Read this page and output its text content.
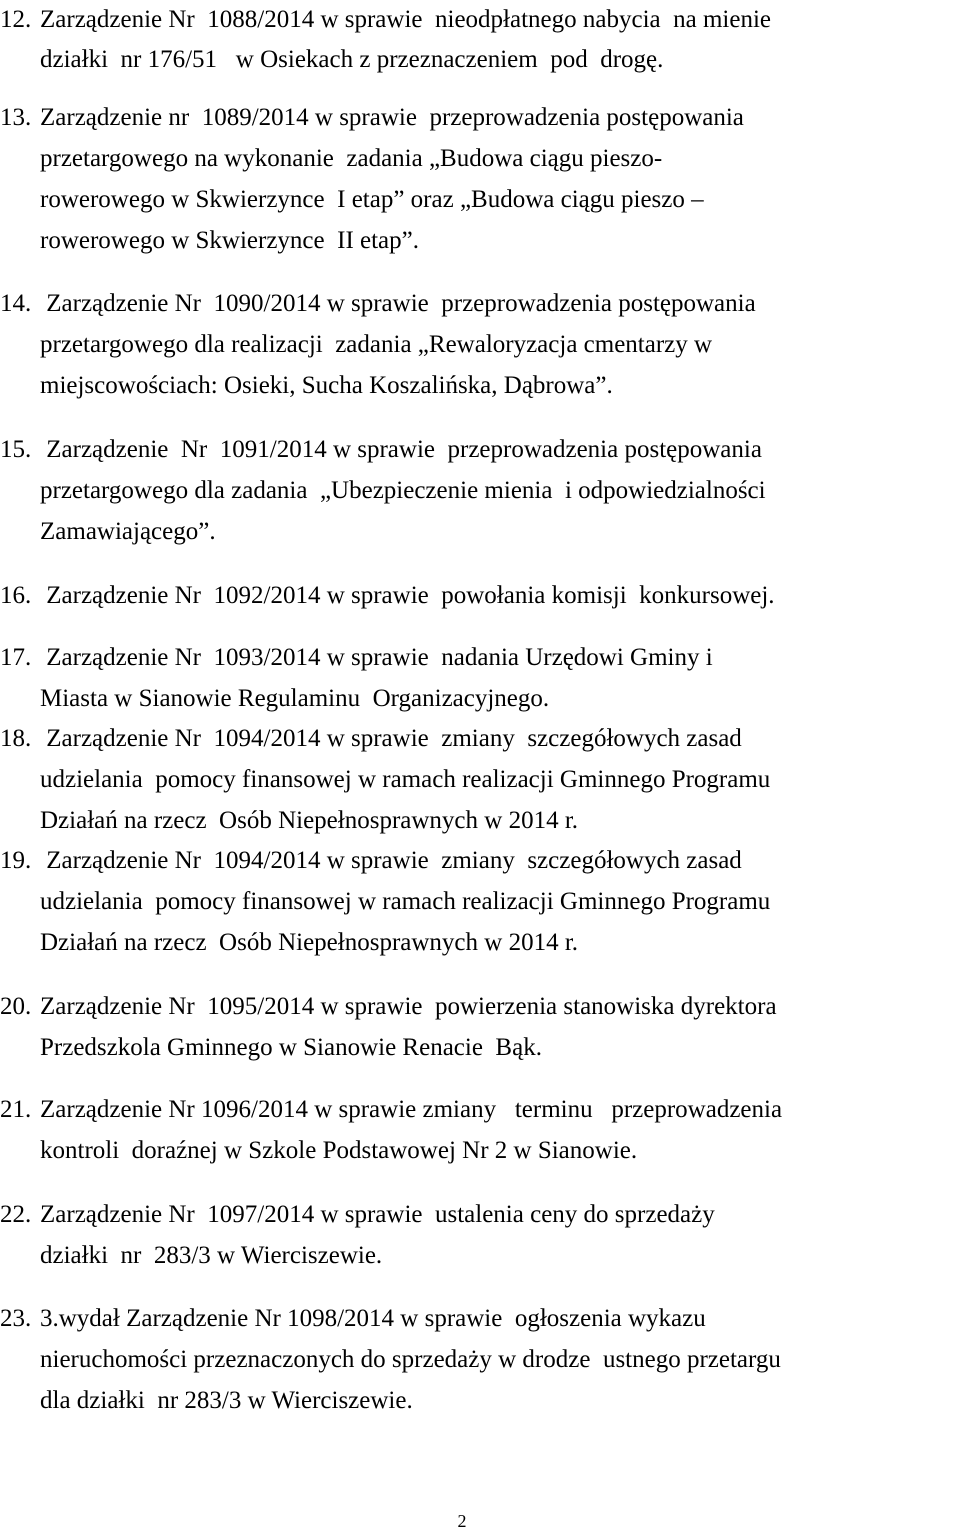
12. Zarządzenie Nr  1088/2014 w sprawie  nieodpłatnego nabycia  na mienie
działki  nr 176/51   w Osiekach z przeznaczeniem  pod  drogę.
13. Zarządzenie nr  1089/2014 w sprawie  przeprowadzenia postępowania
przetargowego na wykonanie  zadania „Budowa ciągu pieszo-
rowerowego w Skwierzynce  I etap” oraz „Budowa ciągu pieszo –
rowerowego w Skwierzynce  II etap”.
14. Zarządzenie Nr  1090/2014 w sprawie  przeprowadzenia postępowania
przetargowego dla realizacji  zadania „Rewaloryzacja cmentarzy w
miejscowościach: Osieki, Sucha Koszalińska, Dąbrowa”.
15. Zarządzenie  Nr  1091/2014 w sprawie  przeprowadzenia postępowania
przetargowego dla zadania  „Ubezpieczenie mienia  i odpowiedzialności
Zamawiającego”.
16. Zarządzenie Nr  1092/2014 w sprawie  powołania komisji  konkursowej.
17. Zarządzenie Nr  1093/2014 w sprawie  nadania Urzędowi Gminy i
Miasta w Sianowie Regulaminu  Organizacyjnego.
18. Zarządzenie Nr  1094/2014 w sprawie  zmiany  szczegółowych zasad
udzielania  pomocy finansowej w ramach realizacji Gminnego Programu
Działań na rzecz  Osób Niepełnosprawnych w 2014 r.
19. Zarządzenie Nr  1094/2014 w sprawie  zmiany  szczegółowych zasad
udzielania  pomocy finansowej w ramach realizacji Gminnego Programu
Działań na rzecz  Osób Niepełnosprawnych w 2014 r.
20. Zarządzenie Nr  1095/2014 w sprawie  powierzenia stanowiska dyrektora
Przedszkola Gminnego w Sianowie Renacie  Bąk.
21. Zarządzenie Nr 1096/2014 w sprawie zmiany   terminu   przeprowadzenia
kontroli  doraźnej w Szkole Podstawowej Nr 2 w Sianowie.
22. Zarządzenie Nr  1097/2014 w sprawie  ustalenia ceny do sprzedaży
działki  nr  283/3 w Wierciszewie.
23. 3.wydał Zarządzenie Nr 1098/2014 w sprawie  ogłoszenia wykazu
nieruchomości przeznaczonych do sprzedaży w drodze  ustnego przetargu
dla działki  nr 283/3 w Wierciszewie.
2
